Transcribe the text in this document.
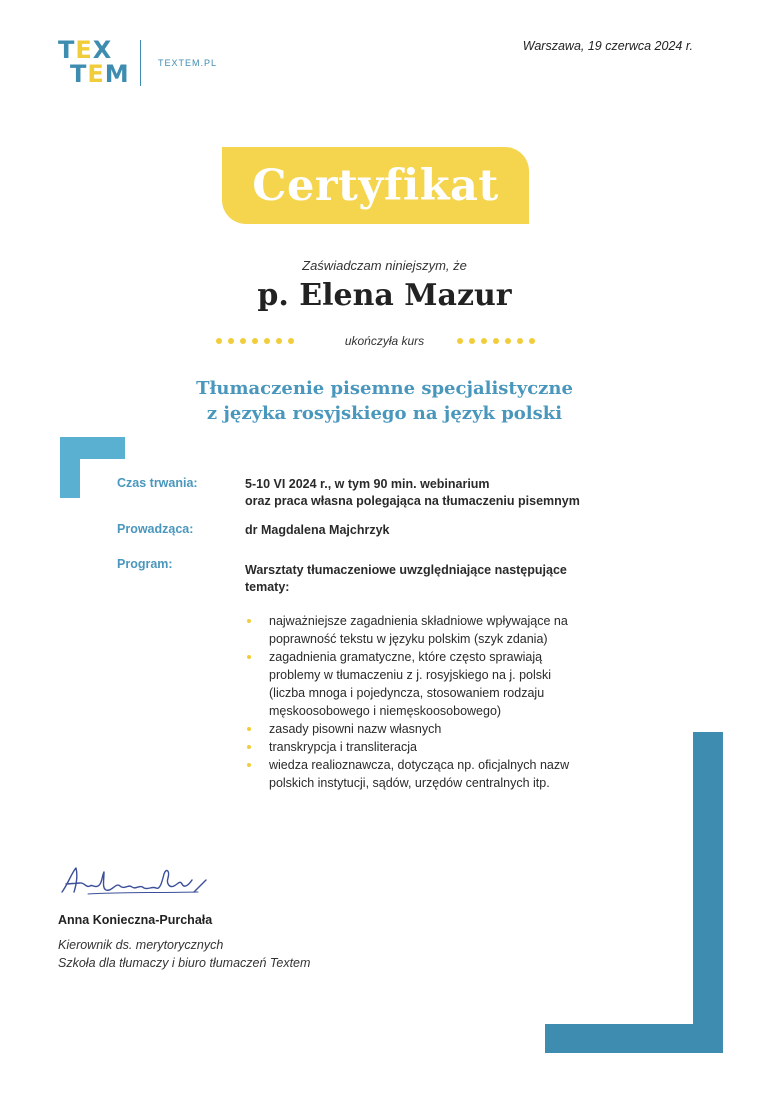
TEX
TEM	TEXTEM.PL
Warszawa, 19 czerwca 2024 r.
Certyfikat
Zaświadczam niniejszym, że
p. Elena Mazur
ukończyła kurs
Tłumaczenie pisemne specjalistyczne
z języka rosyjskiego na język polski
Czas trwania:	5-10 VI 2024 r., w tym 90 min. webinarium
oraz praca własna polegająca na tłumaczeniu pisemnym
Prowadząca:	dr Magdalena Majchrzyk
Program:	Warsztaty tłumaczeniowe uwzględniające następujące
tematy:
najważniejsze zagadnienia składniowe wpływające na
poprawność tekstu w języku polskim (szyk zdania)
zagadnienia gramatyczne, które często sprawiają
problemy w tłumaczeniu z j. rosyjskiego na j. polski
(liczba mnoga i pojedyncza, stosowaniem rodzaju
męskoosobowego i niemęskoosobowego)
zasady pisowni nazw własnych
transkrypcja i transliteracja
wiedza realioznawcza, dotycząca np. oficjalnych nazw
polskich instytucji, sądów, urzędów centralnych itp.
Anna Konieczna-Purchała
Kierownik ds. merytorycznych
Szkoła dla tłumaczy i biuro tłumaczeń Textem
